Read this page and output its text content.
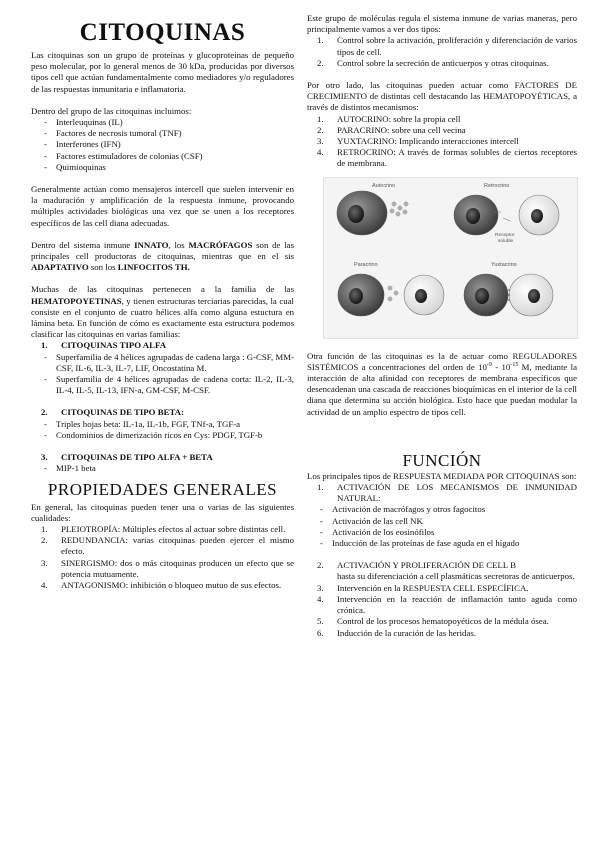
CITOQUINAS

Las citoquinas son un grupo de proteínas y glucoproteínas de pequeño peso molecular, por lo general menos de 30 kDa, producidas por diversos tipos cell que actúan fundamentalmente como mediadores y/o reguladores de las respuestas inmunitaria e inflamatoria.

Dentro del grupo de las citoquinas incluimos:
- Interleuquinas (IL)
- Factores de necrosis tumoral (TNF)
- Interferones (IFN)
- Factores estimuladores de colonias (CSF)
- Quimioquinas

Generalmente actúan como mensajeros intercell que suelen intervenir en la maduración y amplificación de la respuesta inmune, provocando múltiples actividades biológicas una vez que se unen a los receptores específicos de las cell diana adecuadas.

Dentro del sistema inmune INNATO, los MACRÓFAGOS son de las principales cell productoras de citoquinas, mientras que en el sis ADAPTATIVO son los LINFOCITOS TH.

Muchas de las citoquinas pertenecen a la familia de las HEMATOPOYETINAS, y tienen estructuras terciarias parecidas, la cual consiste en el conjunto de cuatro hélices alfa como alguna estuctura en lámina beta. En función de cómo es exactamente esta estructura podemos clasificar las citoquinas en varias familias:
1. CITOQUINAS TIPO ALFA
- Superfamilia de 4 hélices agrupadas de cadena larga : G-CSF, MM-CSF, IL-6, IL-3, IL-7, LIF, Oncostatina M.
- Superfamilia de 4 hélices agrupadas de cadena corta: IL-2, IL-3, IL-4, IL-5, IL-13, IFN-a, GM-CSF, M-CSF.
2. CITOQUINAS DE TIPO BETA:
- Triples hojas beta: IL-1a, IL-1b, FGF, TNf-a, TGF-a
- Condominios de dimerización ricos en Cys: PDGF, TGF-b
3. CITOQUINAS DE TIPO ALFA + BETA
- MIP-1 beta
PROPIEDADES GENERALES
En general, las citoquinas pueden tener una o varias de las siguientes cualidades:
1. PLEIOTROPÍA: Múltiples efectos al actuar sobre distintas cell.
2. REDUNDANCIA: varias citoquinas pueden ejercer el mismo efecto.
3. SINERGISMO: dos o más citoquinas producen un efecto que se potencia mutuamente.
4. ANTAGONISMO: inhibición o bloqueo mutuo de sus efectos.
Este grupo de moléculas regula el sistema inmune de varias maneras, pero principalmente vamos a ver dos tipos:
1. Control sobre la activación, proliferación y diferenciación de varios tipos de cell.
2. Control sobre la secreción de anticuerpos y otras citoquinas.
Por otro lado, las citoquinas pueden actuar como FACTORES DE CRECIMIENTO de distintas cell destacando las HEMATOPOYÉTICAS, a través de distintos mecanismos:
1. AUTOCRINO: sobre la propia cell
2. PARACRINO: sobre una cell vecina
3. YUXTACRINO: Implicando interacciones intercell
4. RETROCRINO: A través de formas solubles de ciertos receptores de membrana.
Autocrino	Retrocrino
Receptor
soluble
Paracrino	Yuxtacrino

Otra función de las citoquinas es la de actuar como REGULADORES SISTÉMICOS a concentraciones del orden de $10^{-9} - 10^{-15}$ M, mediante la interacción de alta afinidad con receptores de membrana específicos que desencadenan una cascada de reacciones bioquímicas en el interior de la cell diana que determina su acción biológica. Esto hace que puedan modular la actividad de un amplio espectro de tipos cell.

FUNCIÓN
Los principales tipos de RESPUESTA MEDIADA POR CITOQUINAS son:
1. ACTIVACIÓN DE LOS MECANISMOS DE INMUNIDAD NATURAL:
- Activación de macrófagos y otros fagocitos
- Activación de las cell NK
- Activación de los eosinófilos
- Inducción de las proteínas de fase aguda en el hígado
2. ACTIVACIÓN Y PROLIFERACIÓN DE CELL B
hasta su diferenciación a cell plasmáticas secretoras de anticuerpos.
3. Intervención en la RESPUESTA CELL ESPECÍFICA.
4. Intervención en la reacción de inflamación tanto aguda como crónica.
5. Control de los procesos hematopoyéticos de la médula ósea.
6. Inducción de la curación de las heridas.
